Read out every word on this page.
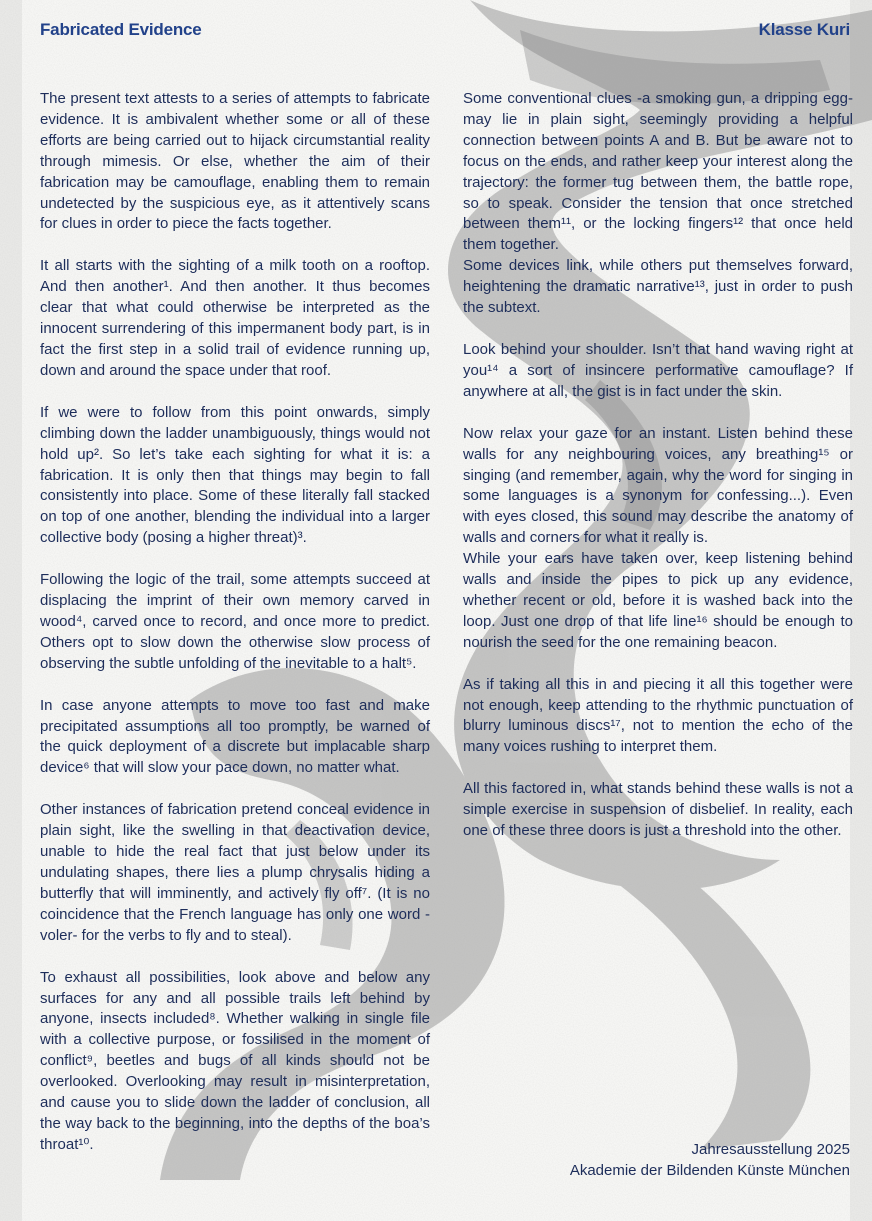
Fabricated Evidence	Klasse Kuri

The present text attests to a series of attempts to fabricate evidence. It is ambivalent whether some or all of these efforts are being carried out to hijack circumstantial reality through mimesis. Or else, whether the aim of their fabrication may be camouflage, enabling them to remain undetected by the suspicious eye, as it attentively scans for clues in order to piece the facts together.

It all starts with the sighting of a milk tooth on a rooftop. And then another¹. And then another. It thus becomes clear that what could otherwise be interpreted as the innocent surrendering of this impermanent body part, is in fact the first step in a solid trail of evidence running up, down and around the space under that roof.

If we were to follow from this point onwards, simply climbing down the ladder unambiguously, things would not hold up². So let’s take each sighting for what it is: a fabrication. It is only then that things may begin to fall consistently into place. Some of these literally fall stacked on top of one another, blending the individual into a larger collective body (posing a higher threat)³.

Following the logic of the trail, some attempts succeed at displacing the imprint of their own memory carved in wood⁴, carved once to record, and once more to predict. Others opt to slow down the otherwise slow process of observing the subtle unfolding of the inevitable to a halt⁵.

In case anyone attempts to move too fast and make precipitated assumptions all too promptly, be warned of the quick deployment of a discrete but implacable sharp device⁶ that will slow your pace down, no matter what.

Other instances of fabrication pretend conceal evidence in plain sight, like the swelling in that deactivation device, unable to hide the real fact that just below under its undulating shapes, there lies a plump chrysalis hiding a butterfly that will imminently, and actively fly off⁷. (It is no coincidence that the French language has only one word -voler- for the verbs to fly and to steal).

To exhaust all possibilities, look above and below any surfaces for any and all possible trails left behind by anyone, insects included⁸. Whether walking in single file with a collective purpose, or fossilised in the moment of conflict⁹, beetles and bugs of all kinds should not be overlooked. Overlooking may result in misinterpretation, and cause you to slide down the ladder of conclusion, all the way back to the beginning, into the depths of the boa’s throat¹⁰.

Some conventional clues -a smoking gun, a dripping egg- may lie in plain sight, seemingly providing a helpful connection between points A and B. But be aware not to focus on the ends, and rather keep your interest along the trajectory: the former tug between them, the battle rope, so to speak. Consider the tension that once stretched between them¹¹, or the locking fingers¹² that once held them together.

Some devices link, while others put themselves forward, heightening the dramatic narrative¹³, just in order to push the subtext.

Look behind your shoulder. Isn’t that hand waving right at you¹⁴ a sort of insincere performative camouflage? If anywhere at all, the gist is in fact under the skin.

Now relax your gaze for an instant. Listen behind these walls for any neighbouring voices, any breathing¹⁵ or singing (and remember, again, why the word for singing in some languages is a synonym for confessing...). Even with eyes closed, this sound may describe the anatomy of walls and corners for what it really is.

While your ears have taken over, keep listening behind walls and inside the pipes to pick up any evidence, whether recent or old, before it is washed back into the loop. Just one drop of that life line¹⁶ should be enough to nourish the seed for the one remaining beacon.

As if taking all this in and piecing it all this together were not enough, keep attending to the rhythmic punctuation of blurry luminous discs¹⁷, not to mention the echo of the many voices rushing to interpret them.

All this factored in, what stands behind these walls is not a simple exercise in suspension of disbelief. In reality, each one of these three doors is just a threshold into the other.

Jahresausstellung 2025
Akademie der Bildenden Künste München
